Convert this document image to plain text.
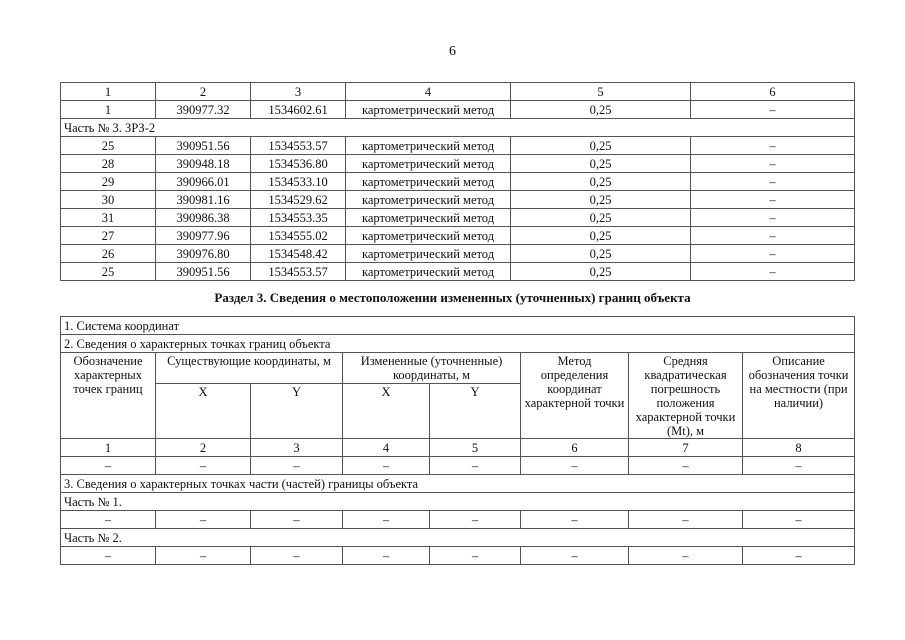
6
1	2	3	4	5	6
1	390977.32	1534602.61	картометрический метод	0,25	–
Часть № 3. ЗРЗ-2					
25	390951.56	1534553.57	картометрический метод	0,25	–
28	390948.18	1534536.80	картометрический метод	0,25	–
29	390966.01	1534533.10	картометрический метод	0,25	–
30	390981.16	1534529.62	картометрический метод	0,25	–
31	390986.38	1534553.35	картометрический метод	0,25	–
27	390977.96	1534555.02	картометрический метод	0,25	–
26	390976.80	1534548.42	картометрический метод	0,25	–
25	390951.56	1534553.57	картометрический метод	0,25	–
Раздел 3. Сведения о местоположении измененных (уточненных) границ объекта
1. Система координат							
2. Сведения о характерных точках границ объекта							
Обозначение характерных точек границ	Существующие координаты, м		Измененные (уточненные) координаты, м		Метод определения координат характерной точки	Средняя квадратическая погрешность положения характерной точки (Mt), м	Описание обозначения точки на местности (при наличии)
	X	Y	X	Y			
1	2	3	4	5	6	7	8
–	–	–	–	–	–	–	–
3. Сведения о характерных точках части (частей) границы объекта							
Часть № 1.							
–	–	–	–	–	–	–	–
Часть № 2.							
–	–	–	–	–	–	–	–
